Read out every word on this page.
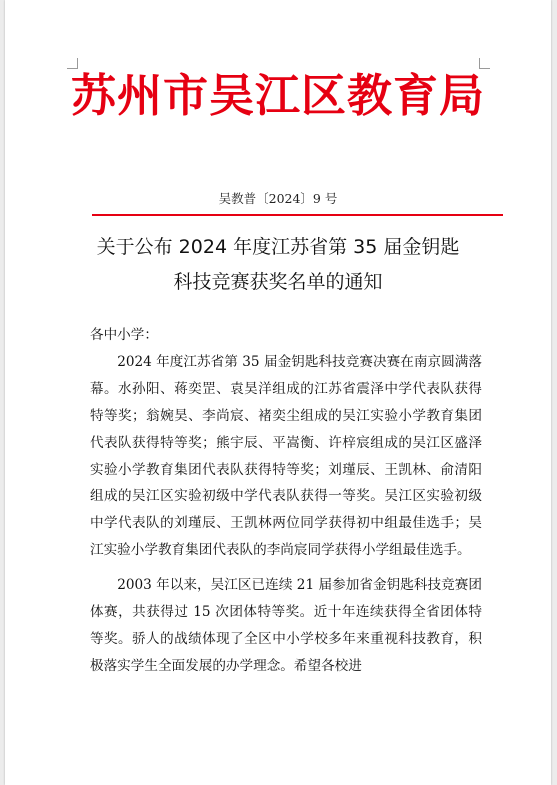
苏州市吴江区教育局
吴教普〔2024〕9 号
关于公布 2024 年度江苏省第 35 届金钥匙
科技竞赛获奖名单的通知

各中小学：

2024 年度江苏省第 35 届金钥匙科技竞赛决赛在南京圆满落幕。水孙阳、蒋奕罡、袁昊洋组成的江苏省震泽中学代表队获得特等奖；翁婉昊、李尚宸、褚奕尘组成的吴江实验小学教育集团代表队获得特等奖；熊宇辰、平嵩衡、许梓宸组成的吴江区盛泽实验小学教育集团代表队获得特等奖；刘瑾辰、王凯林、俞清阳组成的吴江区实验初级中学代表队获得一等奖。吴江区实验初级中学代表队的刘瑾辰、王凯林两位同学获得初中组最佳选手；吴江实验小学教育集团代表队的李尚宸同学获得小学组最佳选手。

2003 年以来，吴江区已连续 21 届参加省金钥匙科技竞赛团体赛，共获得过 15 次团体特等奖。近十年连续获得全省团体特等奖。骄人的战绩体现了全区中小学校多年来重视科技教育，积极落实学生全面发展的办学理念。希望各校进
